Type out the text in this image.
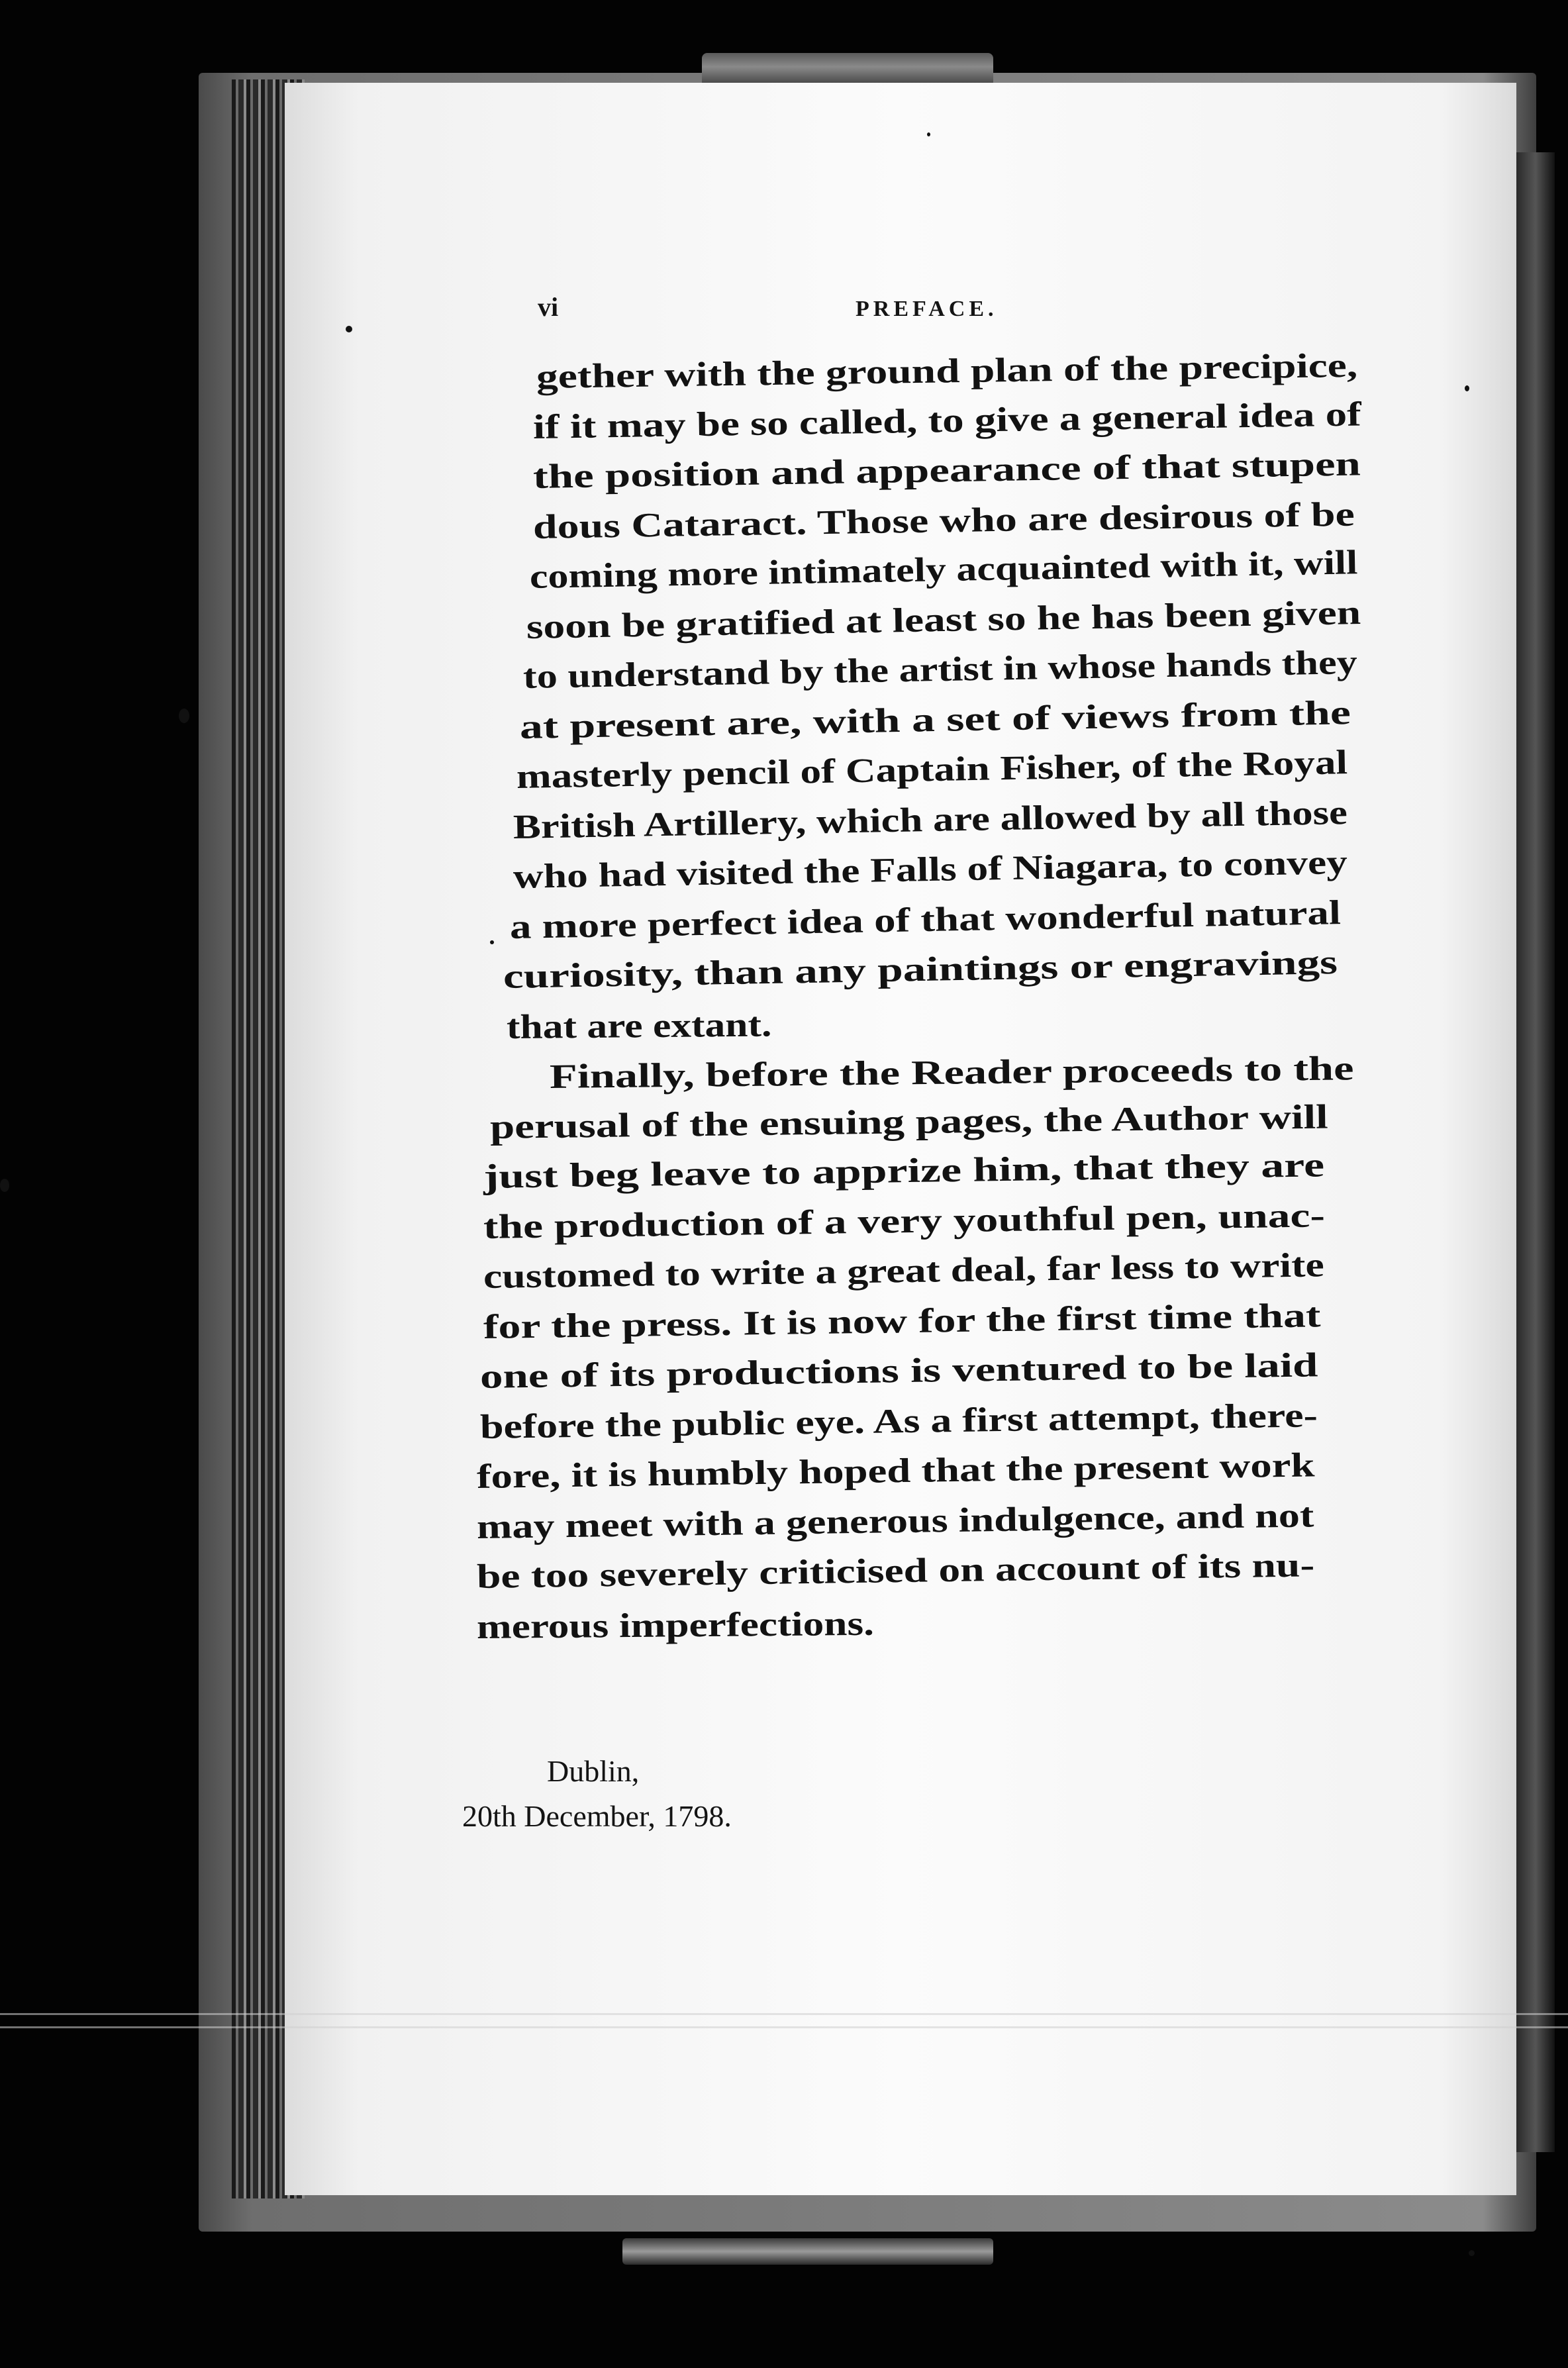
vi	PREFACE.
gether with the ground plan of the precipice,
if it may be so called, to give a general idea of
the position and appearance of that stupen
dous Cataract. Those who are desirous of be
coming more intimately acquainted with it, will
soon be gratified at least so he has been given
to understand by the artist in whose hands they
at present are, with a set of views from the
masterly pencil of Captain Fisher, of the Royal
British Artillery, which are allowed by all those
who had visited the Falls of Niagara, to convey
a more perfect idea of that wonderful natural
curiosity, than any paintings or engravings
that are extant.
Finally, before the Reader proceeds to the
perusal of the ensuing pages, the Author will
just beg leave to apprize him, that they are
the production of a very youthful pen, unac-
customed to write a great deal, far less to write
for the press. It is now for the first time that
one of its productions is ventured to be laid
before the public eye. As a first attempt, there-
fore, it is humbly hoped that the present work
may meet with a generous indulgence, and not
be too severely criticised on account of its nu-
merous imperfections.
Dublin,
20th December, 1798.
